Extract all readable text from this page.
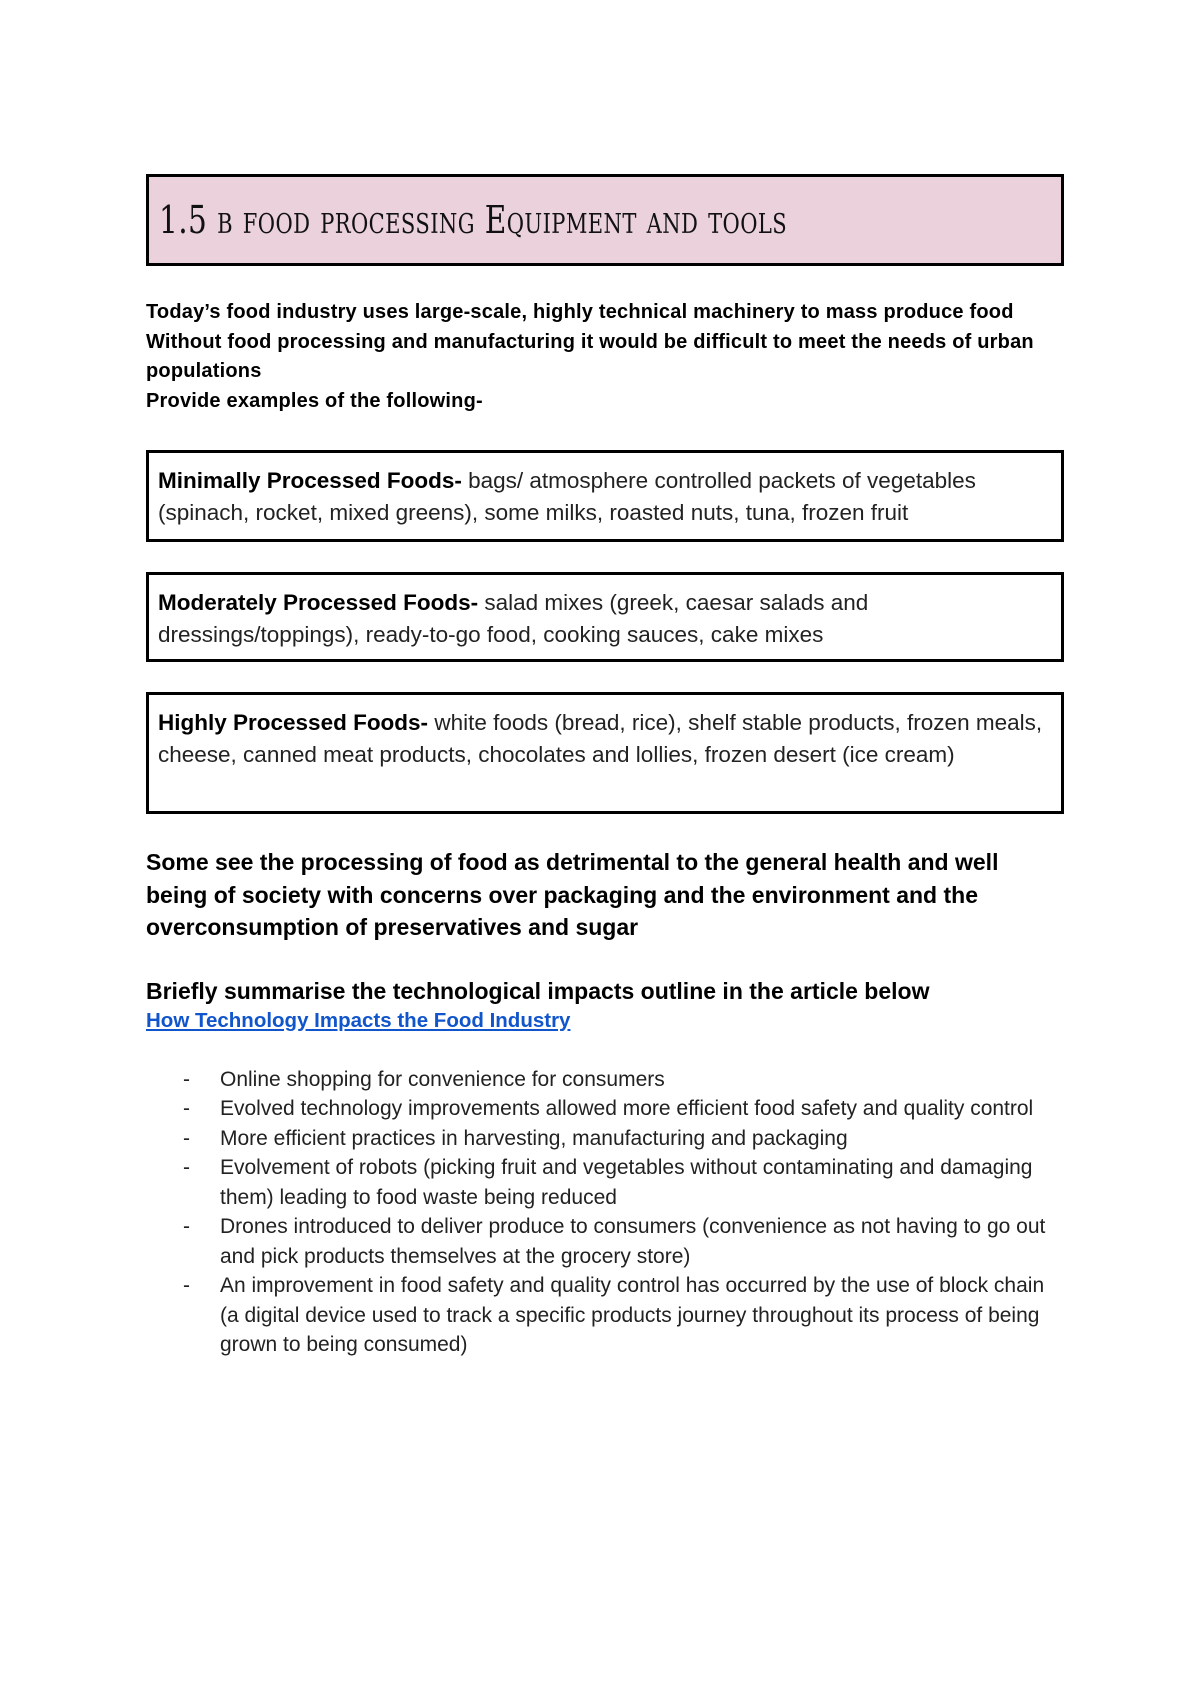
1.5 b food processing Equipment and tools

Today’s food industry uses large-scale, highly technical machinery to mass produce food

Without food processing and manufacturing it would be difficult to meet the needs of urban populations

Provide examples of the following-

Minimally Processed Foods- bags/ atmosphere controlled packets of vegetables (spinach, rocket, mixed greens), some milks, roasted nuts, tuna, frozen fruit
Moderately Processed Foods- salad mixes (greek, caesar salads and dressings/toppings), ready-to-go food, cooking sauces, cake mixes
Highly Processed Foods- white foods (bread, rice), shelf stable products, frozen meals, cheese, canned meat products, chocolates and lollies, frozen desert (ice cream)
Some see the processing of food as detrimental to the general health and well being of society with concerns over packaging and the environment and the overconsumption of preservatives and sugar
Briefly summarise the technological impacts outline in the article below
How Technology Impacts the Food Industry
- Online shopping for convenience for consumers
- Evolved technology improvements allowed more efficient food safety and quality control
- More efficient practices in harvesting, manufacturing and packaging
- Evolvement of robots (picking fruit and vegetables without contaminating and damaging them) leading to food waste being reduced
- Drones introduced to deliver produce to consumers (convenience as not having to go out and pick products themselves at the grocery store)
- An improvement in food safety and quality control has occurred by the use of block chain (a digital device used to track a specific products journey throughout its process of being grown to being consumed)
